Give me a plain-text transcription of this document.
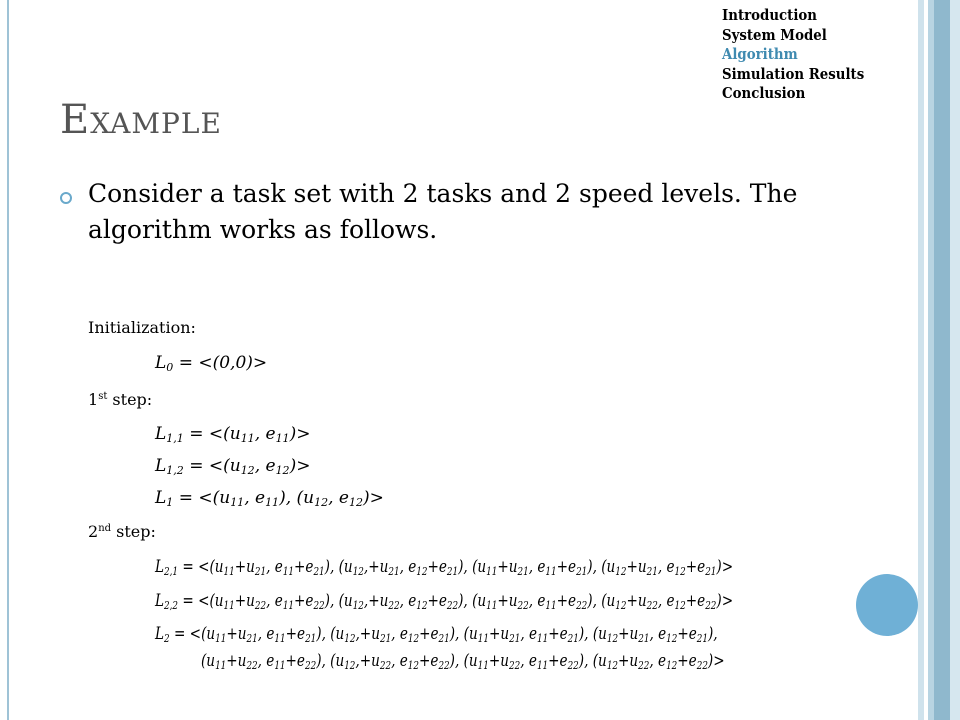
Introduction
System Model
Algorithm
Simulation Results
Conclusion
Example
Consider a task set with 2 tasks and 2 speed levels. The algorithm works as follows.
Initialization:
$L_0 = <(0,0)>$
1st step:
$L_{1,1} = <(u_{11}$, $e_{11})>$
$L_{1,2} = <(u_{12}$, $e_{12})>$
$L_1 = <(u_{11}$, $e_{11}$), ($u_{12}$, $e_{12})>$
2nd step:
$L_{2,1} = <(u_{11}+u_{21}$, $e_{11}+e_{21}$), ($u_{12},+u_{21}$, $e_{12}+e_{21}$), ($u_{11}+u_{21}$, $e_{11}+e_{21}$), ($u_{12}+u_{21}$, $e_{12}+e_{21})>$
$L_{2,2} = <(u_{11}+u_{22}$, $e_{11}+e_{22}$), ($u_{12},+u_{22}$, $e_{12}+e_{22}$), ($u_{11}+u_{22}$, $e_{11}+e_{22}$), ($u_{12}+u_{22}$, $e_{12}+e_{22})>$
$L_2 = <(u_{11}+u_{21}$, $e_{11}+e_{21}$), ($u_{12},+u_{21}$, $e_{12}+e_{21}$), ($u_{11}+u_{21}$, $e_{11}+e_{21}$), ($u_{12}+u_{21}$, $e_{12}+e_{21}$),
($u_{11}+u_{22}$, $e_{11}+e_{22}$), ($u_{12},+u_{22}$, $e_{12}+e_{22}$), ($u_{11}+u_{22}$, $e_{11}+e_{22}$), ($u_{12}+u_{22}$, $e_{12}+e_{22})>$
